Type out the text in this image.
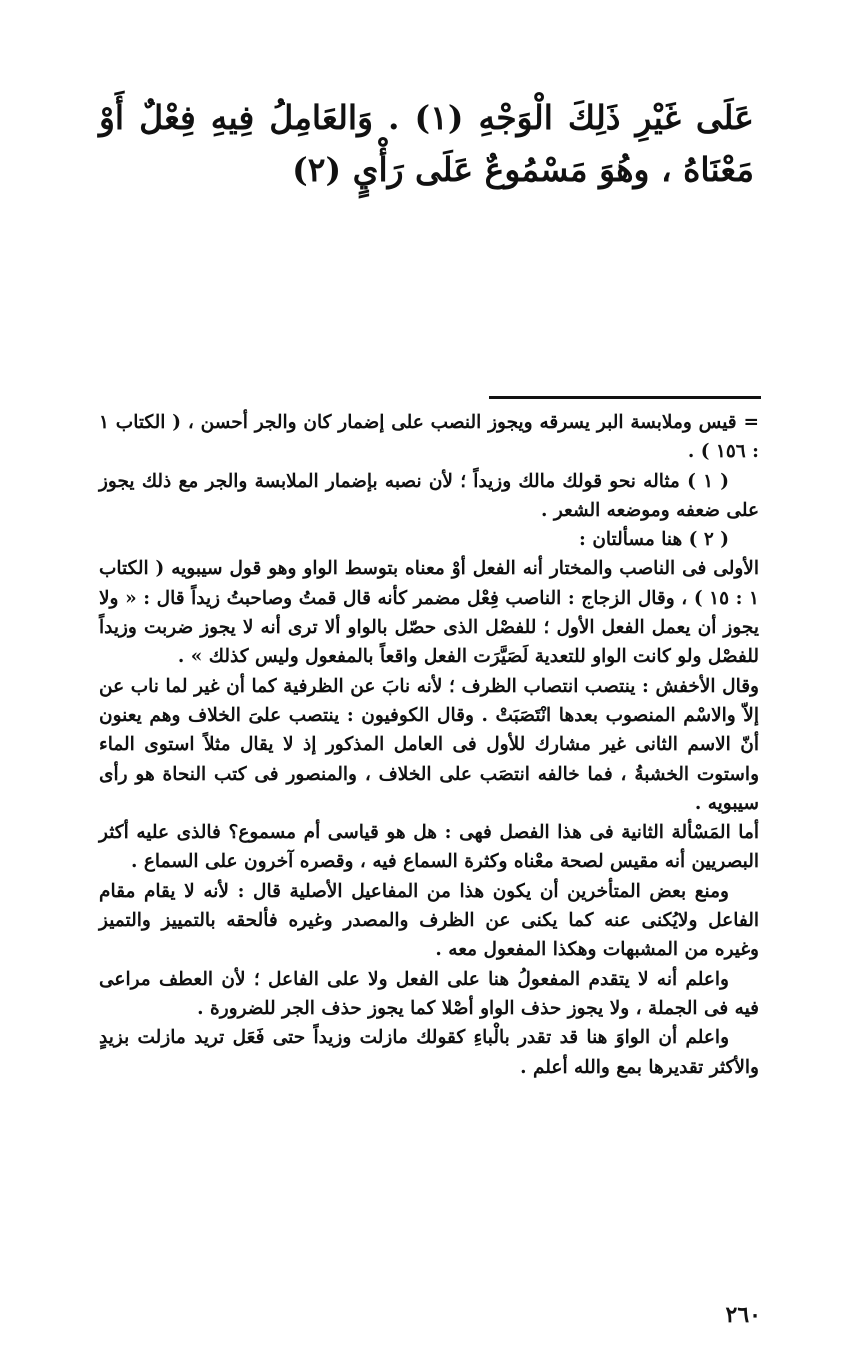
عَلَى غَيْرِ ذَلِكَ الْوَجْهِ (١) . وَالعَامِلُ فِيهِ فِعْلٌ أَوْ مَعْنَاهُ ، وهُوَ مَسْمُوعٌ عَلَى رَأْيٍ (٢)

= قيس وملابسة البر يسرقه ويجوز النصب على إضمار كان والجر أحسن ، ( الكتاب ١ : ١٥٦ ) .

( ١ ) مثاله نحو قولك مالك وزيداً ؛ لأن نصبه بإضمار الملابسة والجر مع ذلك يجوز على ضعفه وموضعه الشعر .

( ٢ ) هنا مسألتان :

الأولى فى الناصب والمختار أنه الفعل أوْ معناه بتوسط الواو وهو قول سيبويه ( الكتاب ١ : ١٥ ) ، وقال الزجاج : الناصب فِعْل مضمر كأنه قال قمتُ وصاحبتُ زيداً قال : « ولا يجوز أن يعمل الفعل الأول ؛ للفصْل الذى حصّل بالواو ألا ترى أنه لا يجوز ضربت وزيداً للفصْل ولو كانت الواو للتعدية لَصَيَّرَت الفعل واقعاً بالمفعول وليس كذلك » .

وقال الأخفش : ينتصب انتصاب الظرف ؛ لأنه نابَ عن الظرفية كما أن غير لما ناب عن إلاّ والاسْم المنصوب بعدها انْتَصَبَتْ . وقال الكوفيون : ينتصب علىَ الخلاف وهم يعنون أنّ الاسم الثانى غير مشارك للأول فى العامل المذكور إذ لا يقال مثلاً استوى الماء واستوت الخشبةُ ، فما خالفه انتصَب على الخلاف ، والمنصور فى كتب النحاة هو رأى سيبويه .

أما المَسْألة الثانية فى هذا الفصل فهى : هل هو قياسى أم مسموع؟ فالذى عليه أكثر البصريين أنه مقيس لصحة معْناه وكثرة السماع فيه ، وقصره آخرون على السماع .

ومنع بعض المتأخرين أن يكون هذا من المفاعيل الأصلية قال : لأنه لا يقام مقام الفاعل ولايُكنى عنه كما يكنى عن الظرف والمصدر وغيره فألحقه بالتمييز والتميز وغيره من المشبهات وهكذا المفعول معه .

واعلم أنه لا يتقدم المفعولُ هنا على الفعل ولا على الفاعل ؛ لأن العطف مراعى فيه فى الجملة ، ولا يجوز حذف الواو أصْلا كما يجوز حذف الجر للضرورة .

واعلم أن الواوَ هنا قد تقدر بالْباءِ كقولك مازلت وزيداً حتى فَعَل تريد مازلت بزيدٍ والأكثر تقديرها بمع والله أعلم .

٢٦٠
